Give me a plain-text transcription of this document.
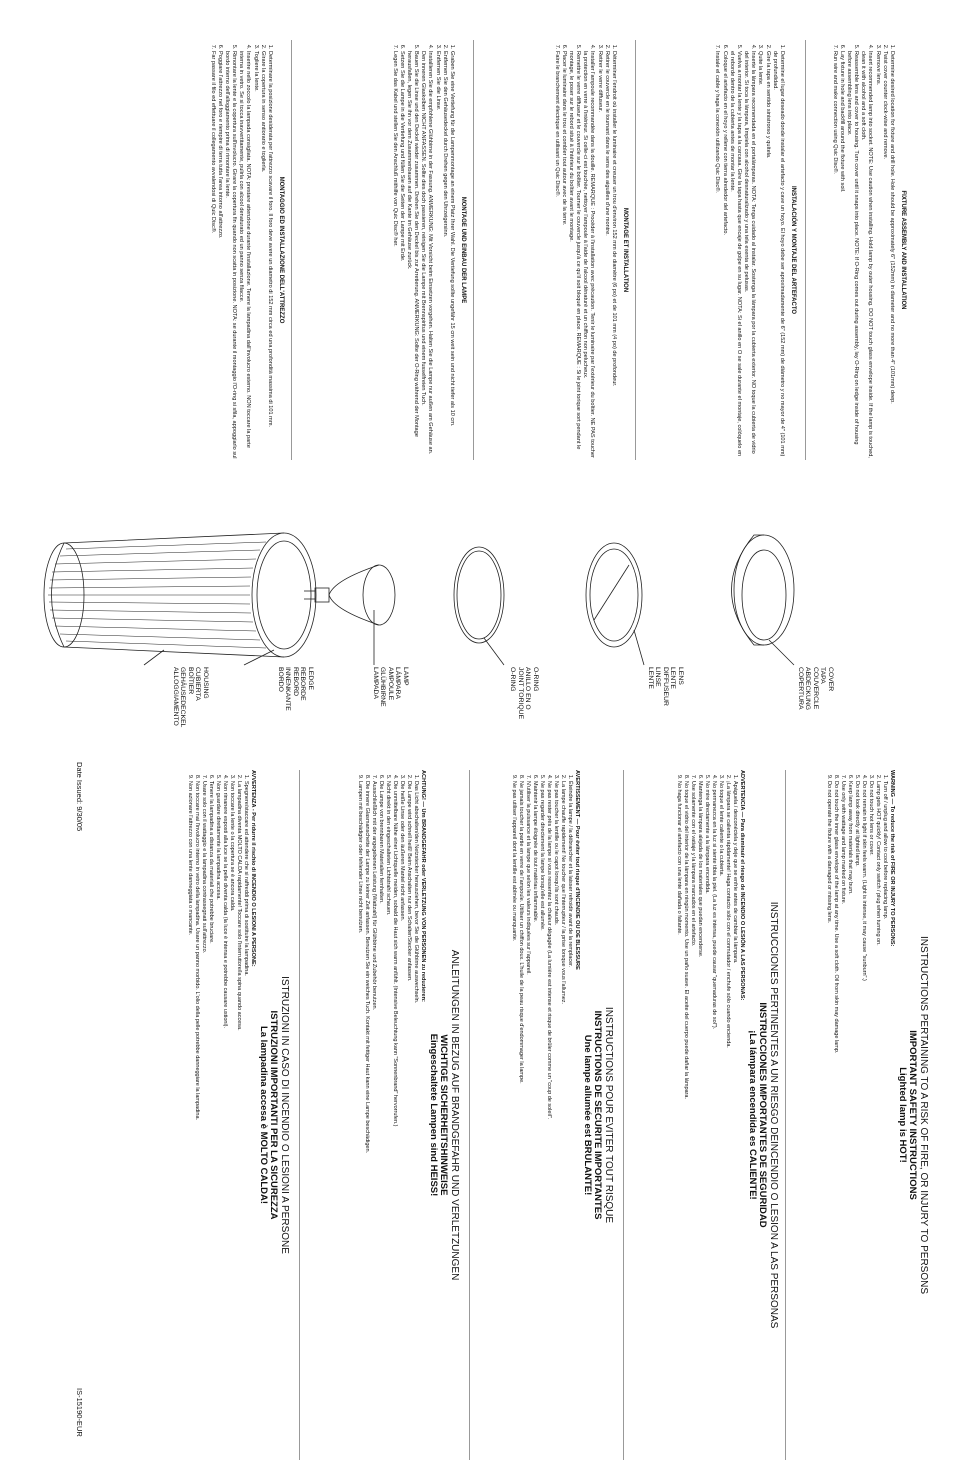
FIXTURE ASSEMBLY AND INSTALLATION
1. Determine desired location for fixture and drill hole. Hole should be approximately 6" (152mm) in diameter and no more than 4" (101mm) deep.
2. Twist cover counter clock-wise and remove.
3. Remove lens.
4. Insert recommended lamp into socket. NOTE: Use caution when installing. Hold lamp by outer housing. DO NOT touch glass envelope inside. If the lamp is touched, clean it with alcohol and a soft cloth.
5. Reassemble lens and cover to housing. Turn cover until it snaps into place. NOTE: If O-Ring comes out during assembly, lay O-Ring on ledge inside of housing before assembling lens into place.
6. Lay fixture in hole and backfill around the fixture with soil.
7. Run wire and make connection using Quic Disc®.
INSTALACIÓN Y MONTAJE DEL ARTEFACTO
1. Determine el lugar deseado donde instalar el artefacto y cave un hoyo. El hoyo debe ser aproximadamente de 6" (152 mm) de diámetro y no mayor de 4" (101 mm) de profundidad.
2. Gire la tapa en sentido sinistrorso y quítela.
3. Quite la lente.
4. Inserte la lámpara recomendada en el portalámparas. NOTA: Tenga cuidado al instalar. Sostenga la lámpara por la cubierta exterior. NO toque la cubierta de vidrio del interior. Si toca la lámpara, límpiela con alcohol desnaturalizado y una tela exenta de pelusas.
5. Vuelva a montar la lente y la tapa a la carcasa. Gire la tapa hasta que encaje de golpe en su lugar. NOTA: Si el anillo en O se sale durante el montaje, colóquelo en el reborde dentro de la cubierta antes de montar la lente.
6. Coloque el artefacto en el hoyo y rellene con tierra alrededor del artefacto.
7. Instale el cable y haga la conexión utilizando Quic Disc®.
MONTAGE ET INSTALLATION
1. Déterminer l'endroit où installer le luminaire et creuser un trou d'environ 152 mm de diamètre (6 po) et de 101 mm (4 po) de profondeur.
2. Retirer le couvercle en le tournant dans le sens des aiguilles d'une montre.
3. Retirer le verre diffuseur.
4. Installer l'ampoule recommandée dans la douille. REMARQUE : Procéder à l'installation avec précaution. Tenir le luminaire par l'extérieur du boîtier. NE PAS toucher la protection en verre à l'intérieur. Si celle-ci est touchée, nettoyer l'ampoule à l'aide de l'alcool dénaturé et un chiffon non pelucheux.
5. Remettre le verre diffuseur et le couvercle sur le boîtier. Tourner le couvercle jusqu'à ce qu'il soit bloqué en place. REMARQUE : Si le joint torique sort pendant le montage, le poser sur le rebord situé à l'intérieur du boîtier avant le montage.
6. Placer le luminaire dans le trou et combler tout autour avec de la terre.
7. Faire le branchement électrique en utilisant un Quic Disc®.
MONTAGE UND EINBAU DER LAMPE
1. Graben Sie eine Vertiefung für die Lampenmontage an einem Platz Ihrer Wahl. Die Vertiefung sollte ungefähr 15 cm weit sein und nicht tiefer als 10 cm.
2. Entfernen Sie den Gehäusedeckel durch Drehen gegen den Uhrzeigersinn.
3. Entfernen Sie die Linse.
4. Installieren Sie die empfohlene Glühbirne in der Fassung. ANMERKUNG: Mit Vorsicht beim Einsetzen vorgehen. Halten Sie die Lampe nur außen am Gehäuse an. Den inneren Glaskolben NICHT ANFASSEN. Sollte dies doch passieren, reinigen Sie die Lampe mit Brennspiritus und einem fusselfreien Tuch.
5. Bauen Sie die Linse und den Deckel wieder zusammen. Drehen Sie den Deckel bis zur Arretierung. ANMERKUNG: Sollte der O-Ring während der Montage herausfallen, legen Sie ihn vor dem Zusammenbauen auf die Kante im Gehäuse zurück.
6. Setzen Sie die Lampe in die Vertiefung und füllen Sie die Seiten der Lampe mit Erde.
7. Legen Sie das Kabel und stellen Sie den Anschluß mithilfe von Quic Disc® her.
MONTAGGIO ED INSTALLAZIONE DELL'ATTREZZO
1. Determinare la posizione desiderata per l'attrezzo scavare il foro. Il foro deve avere un diametro di 152 mm circa ed una profondità massima di 101 mm.
2. Girare la copertura in senso antiorario e toglierla.
3. Togliere la lente.
4. Inserire nello zoccolo la lampada consigliata. NOTA: prestare attenzione durante l'installazione. Tenere la lampadina dall'involucro esterno. NON toccare la parte interna in vetro. Se si tocca inavvertitamente, pulirla con alcool denaturato ed un panno senza filacce.
5. Rimontare la lente e la copertura sull'involucro. Girare la copertura fin quando non scatta in posizione. NOTA: se durante il montaggio l'O-ring si sfila, appoggiarlo sul bordo interno dell'alloggiamento prima di rimontare la lente.
6. Poggiare l'attrezzo nel foro e riempire di terra tutta l'area intorno all'attrezzo.
7. Far passare il filo ed effettuare il collegamento avvalendosi di Quic Disc®.
COVER
TAPA
COUVERCLE
ABDECKUNG
COPERTURA
LENS
LENTE
DIFFUSEUR
LINSE
LENTE
O-RING
ANILLO EN O
JOINT TORIQUE
O-RING
LAMP
LÁMPARA
AMPOULE
GLÜHBIRNE
LAMPADA
LEDGE
REBORDE
REBORD
INNENKANTE
BORDO
HOUSING
CUBIERTA
BOÎTIER
GEHÄUSEDECKEL
ALLOGGIAMENTO
INSTRUCTIONS PERTAINING TO A RISK OF FIRE, OR INJURY TO PERSONS
IMPORTANT SAFETY INSTRUCTIONS
Lighted lamp is HOT!
WARNING — To reduce the risk of FIRE OR INJURY TO PERSONS:
1. Turn off / unplug and allow to cool before replacing lamp.
2. Lamp gets HOT quickly! Contact only switch / plug when turning on.
3. Do not touch hot lens or cover.
4. Do not remain in light if skin feels warm. (Light is intense, it may cause "sunburn".)
5. Do not look directly at lighted lamp.
6. Keep lamp away from materials that may burn.
7. Use only with wattage and lamp marked on fixture.
8. Do not touch the inner glass envelope of the lamp at any time. Use a soft cloth. Oil from skin may damage lamp.
9. Do not operate the fixture with a damaged or missing lens.
INSTRUCCIONES PERTINENTES A UN RIESGO DEINCENDIO O LESION A LAS PERSONAS
INSTRUCCIONES IMPORTANTES DE SEGURIDAD
¡La lámpara encendida es CALIENTE!
ADVERTENCIA — Para disminuir el riesgo de INCENDIO O LESIÓN A LAS PERSONAS:
1. Apáguela / desconéctela y deje que se enfríe antes de cambiar la lámpara.
2. ¡La lámpara se calienta rápidamente! Haga contacto sólo con el conmutador / enchufe sólo cuando encienda.
3. No toque el lente caliente o la cubierta.
4. No permanezca en la luz si siente tibia la piel. (La luz es intensa, puede causar "quemaduras de sol").
5. No mire directamente a la lámpara encendida.
6. Mantenga la lámpara alejada de los materiales que puedan encenderse.
7. Use solamente con el vatiaje y la lámpara marcados en el artefacto.
8. No toque el vidrio del interior de la lámpara en ningún momento. Use un paño suave. El aceite del cuerpo puede dañar la lámpara.
9. No haga funcionar el artefacto con una lente dañada o faltante.
INSTRUCTIONS POUR EVITER TOUT RISQUE
INSTRUCTIONS DE SECURITE IMPORTANTES
Une lampe allumée est BRULANTE!
AVERTISSEMENT — Pour éviter tout risque d'INCENDIE OU DE BLESSURE
1. Éteindre la lampe / la débrancher et la laisser refroidir avant de la remplacer.
2. La lampe chauffe rapidement! Ne toucher que l'interrupteur / la prise lorsque vous l'allumez.
3. Ne pas toucher la lentille ou le capot lorsqu'ils sont chauds.
4. Ne pas rester près de la lampe si vous ressentez la chaleur dégagée (La lumière est intense et risque de brûler comme un "coup de soleil".
5. Ne pas regarder directement la lampe lorsqu'elle est allumée.
6. Maintenir la lampe éloignée de tout matériau inflammable.
7. N'utiliser la puissance et la lampe que selon les valeurs indiquées sur l'appareil.
8. Ne jamais toucher la partie en verre de l'ampoule. Utiliser un chiffon doux. L'huile de la peau risque d'endommager la lampe.
9. Ne pas utiliser l'appareil dont la lentille est abîmée ou manquante.
ANLEITUNGEN IN BEZUG AUF BRANDGEFAHR UND VERLETZUNGEN
WICHTIGE SICHERHEITSHINWEISE
Eingeschaltete Lampen sind HEISS!
ACHTUNG! — Um BRANDGEFAHR oder VERLETZUNG VON PERSONEN zu reduzieren:
1. Das Licht abschalten/den Netzstecker herausziehen, bevor Sie die Glühbirne auswechseln.
2. Die Lampe wird schnell heiß! Beim Anschalten nur den Schalter/Stecker anfassen.
3. Die heiße Linse oder den äußeren Mantel nicht anfassen.
4. Die unmittelbare Nähe einer Lichtquelle meiden, sobald die Haut sich warm anfühlt. (Intensive Beleuchtung kann "Sonnenbrand" hervorrufen.)
5. Nicht direkt in den eingeschalteten Lichtstrahl schauen.
6. Die Lampe von brennbaren Materialien fernhalten.
7. Ausschließlich mit der angegebenen Leistung (Wattzahl) für Glühbirne und Zubehör benutzen.
8. Die innere Glasmanschette der Lampe zu keiner Zeit anfassen. Benutzen Sie ein weiches Tuch. Kontakt mit fettiger Haut kann eine Lampe beschädigen.
9. Lampen mit beschädigter oder fehlender Linse nicht benutzen.
ISTRUZIONI IN CASO DI INCENDIO O LESIONI A PERSONE
ISTRUZIONI IMPORTANTI PER LA SICUREZZA
La lampadina accesa è MOLTO CALDA!
AVVERTENZA - Per ridurre il rischio di INCENDIO O LESIONI A PERSONE:
1. Spegnere/staccare ed attendere che si raffreddi prima di sostituire la lampadina.
2. La lampadina diventa MOLTO CALDA rapidamente! Toccare solo l'interruttore/la spina quando accesa.
3. Non toccare la lente o la copertura se è ancora calda.
4. Non rimanere esposti alla luce se la pelle diventa calda (la luce è intensa e potrebbe causare ustioni).
5. Non guardare direttamente la lampadina accesa.
6. Tenere la lampadina a distanza da materiali che potrebbe bruciare.
7. Usare solo con il wattaggio e la lampadina contrassegnati sull'attrezzo.
8. Non toccare mai l'involucro interno in vetro della lampadina. Usare un panno morbido. L'olio della pelle potrebbe danneggiare la lampadina.
9. Non azionare l'attrezzo con una lente danneggiata o mancante.
Date Issued: 9/30/05
IS-15190-EUR
